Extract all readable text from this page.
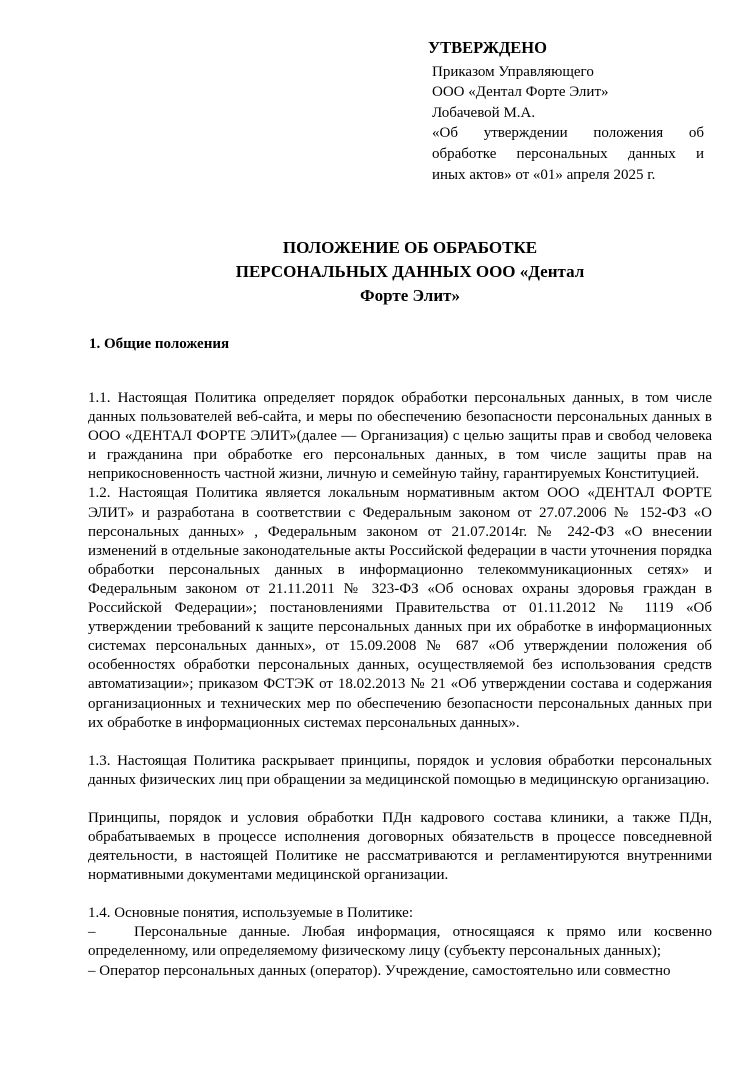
УТВЕРЖДЕНО
Приказом Управляющего
ООО «Дентал Форте Элит»
Лобачевой М.А.
«Об утверждении положения об
обработке персональных данных и
иных актов» от «01» апреля 2025 г.
ПОЛОЖЕНИЕ ОБ ОБРАБОТКЕ
ПЕРСОНАЛЬНЫХ ДАННЫХ ООО «Дентал
Форте Элит»
1. Общие положения
1.1. Настоящая Политика определяет порядок обработки персональных данных, в том числе данных пользователей веб-сайта, и меры по обеспечению безопасности персональных данных в ООО «ДЕНТАЛ ФОРТЕ ЭЛИТ»(далее — Организация) с целью защиты прав и свобод человека и гражданина при обработке его персональных данных, в том числе защиты прав на неприкосновенность частной жизни, личную и семейную тайну, гарантируемых Конституцией.
1.2. Настоящая Политика является локальным нормативным актом ООО «ДЕНТАЛ ФОРТЕ ЭЛИТ» и разработана в соответствии с Федеральным законом от 27.07.2006 № 152-ФЗ «О персональных данных» , Федеральным законом от 21.07.2014г. № 242-ФЗ «О внесении изменений в отдельные законодательные акты Российской федерации в части уточнения порядка обработки персональных данных в информационно телекоммуникационных сетях» и Федеральным законом от 21.11.2011 № 323-ФЗ «Об основах охраны здоровья граждан в Российской Федерации»; постановлениями Правительства от 01.11.2012 № 1119 «Об утверждении требований к защите персональных данных при их обработке в информационных системах персональных данных», от 15.09.2008 № 687 «Об утверждении положения об особенностях обработки персональных данных, осуществляемой без использования средств автоматизации»; приказом ФСТЭК от 18.02.2013 № 21 «Об утверждении состава и содержания организационных и технических мер по обеспечению безопасности персональных данных при их обработке в информационных системах персональных данных».
1.3. Настоящая Политика раскрывает принципы, порядок и условия обработки персональных данных физических лиц при обращении за медицинской помощью в медицинскую организацию.
Принципы, порядок и условия обработки ПДн кадрового состава клиники, а также ПДн, обрабатываемых в процессе исполнения договорных обязательств в процессе повседневной деятельности, в настоящей Политике не рассматриваются и регламентируются внутренними нормативными документами медицинской организации.
1.4. Основные понятия, используемые в Политике:
–	Персональные данные. Любая информация, относящаяся к прямо или косвенно определенному, или определяемому физическому лицу (субъекту персональных данных);
– Оператор персональных данных (оператор). Учреждение, самостоятельно или совместно
